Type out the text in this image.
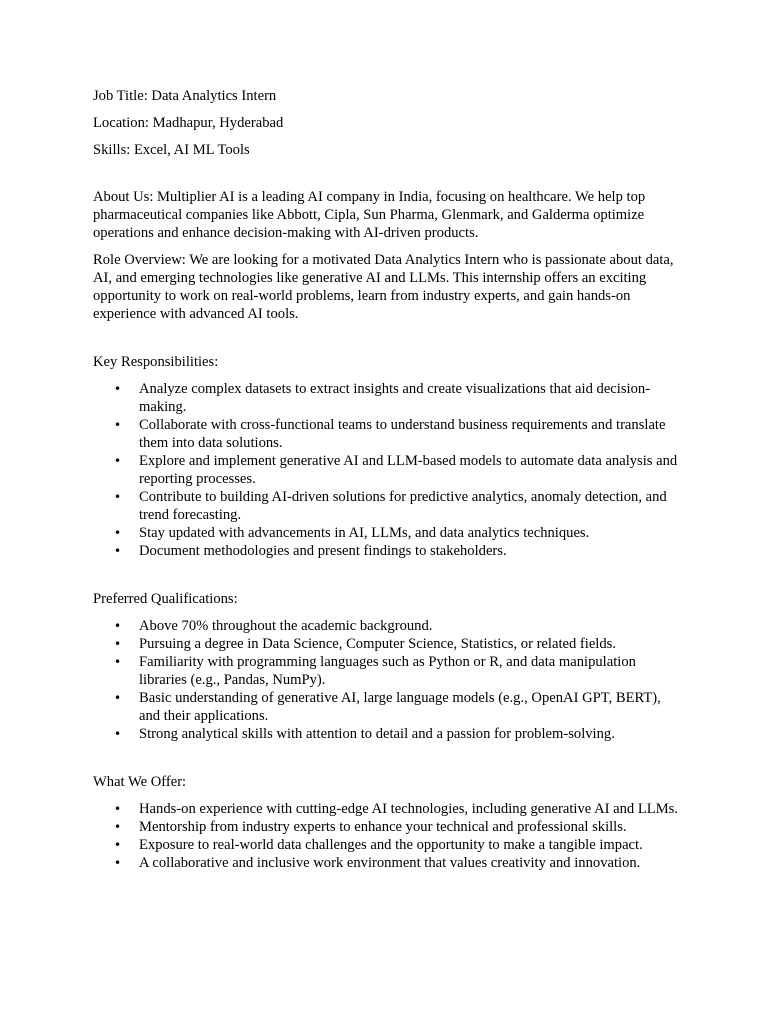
Job Title: Data Analytics Intern

Location: Madhapur, Hyderabad

Skills: Excel, AI ML Tools

About Us: Multiplier AI is a leading AI company in India, focusing on healthcare. We help top pharmaceutical companies like Abbott, Cipla, Sun Pharma, Glenmark, and Galderma optimize operations and enhance decision-making with AI-driven products.

Role Overview: We are looking for a motivated Data Analytics Intern who is passionate about data, AI, and emerging technologies like generative AI and LLMs. This internship offers an exciting opportunity to work on real-world problems, learn from industry experts, and gain hands-on experience with advanced AI tools.

Key Responsibilities:

• Analyze complex datasets to extract insights and create visualizations that aid decision-making.
• Collaborate with cross-functional teams to understand business requirements and translate them into data solutions.
• Explore and implement generative AI and LLM-based models to automate data analysis and reporting processes.
• Contribute to building AI-driven solutions for predictive analytics, anomaly detection, and trend forecasting.
• Stay updated with advancements in AI, LLMs, and data analytics techniques.
• Document methodologies and present findings to stakeholders.

Preferred Qualifications:

• Above 70% throughout the academic background.
• Pursuing a degree in Data Science, Computer Science, Statistics, or related fields.
• Familiarity with programming languages such as Python or R, and data manipulation libraries (e.g., Pandas, NumPy).
• Basic understanding of generative AI, large language models (e.g., OpenAI GPT, BERT), and their applications.
• Strong analytical skills with attention to detail and a passion for problem-solving.

What We Offer:

• Hands-on experience with cutting-edge AI technologies, including generative AI and LLMs.
• Mentorship from industry experts to enhance your technical and professional skills.
• Exposure to real-world data challenges and the opportunity to make a tangible impact.
• A collaborative and inclusive work environment that values creativity and innovation.
